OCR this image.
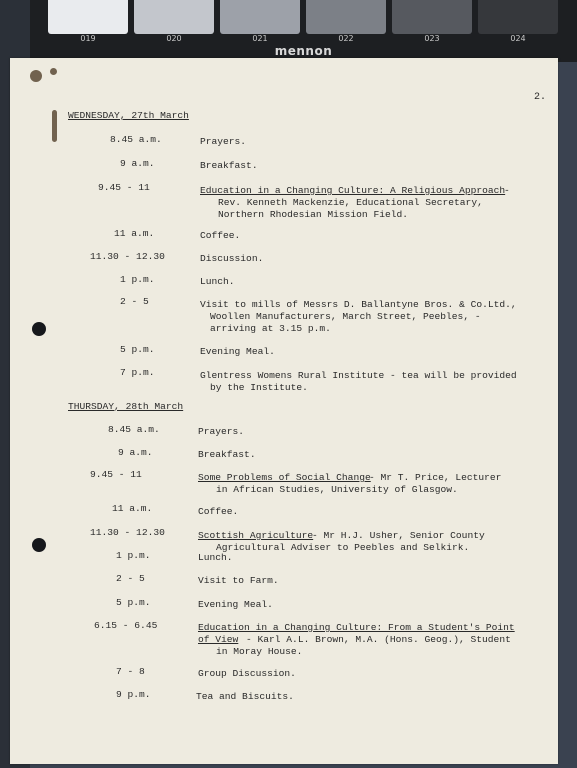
019	020	021	022	023	024
mennon
2.
WEDNESDAY, 27th March
8.45 a.m.	Prayers.
9 a.m.	Breakfast.
9.45 - 11	Education in a Changing Culture: A Religious Approach
-
Rev. Kenneth Mackenzie, Educational Secretary,
Northern Rhodesian Mission Field.
11 a.m.	Coffee.
11.30 - 12.30	Discussion.
1 p.m.	Lunch.
2 - 5	Visit to mills of Messrs D. Ballantyne Bros. & Co.Ltd.,
Woollen Manufacturers, March Street, Peebles, -
arriving at 3.15 p.m.
5 p.m.	Evening Meal.
7 p.m.	Glentress Womens Rural Institute - tea will be provided
by the Institute.
THURSDAY, 28th March
8.45 a.m.	Prayers.
9 a.m.	Breakfast.
9.45 - 11	Some Problems of Social Change
- Mr T. Price, Lecturer
in African Studies, University of Glasgow.
11 a.m.	Coffee.
11.30 - 12.30	Scottish Agriculture
- Mr H.J. Usher, Senior County
Agricultural Adviser to Peebles and Selkirk.
1 p.m.	Lunch.
2 - 5	Visit to Farm.
5 p.m.	Evening Meal.
6.15 - 6.45	Education in a Changing Culture: From a Student's Point
of View - Karl A.L. Brown, M.A. (Hons. Geog.), Student
in Moray House.
7 - 8	Group Discussion.
9 p.m.	Tea and Biscuits.
